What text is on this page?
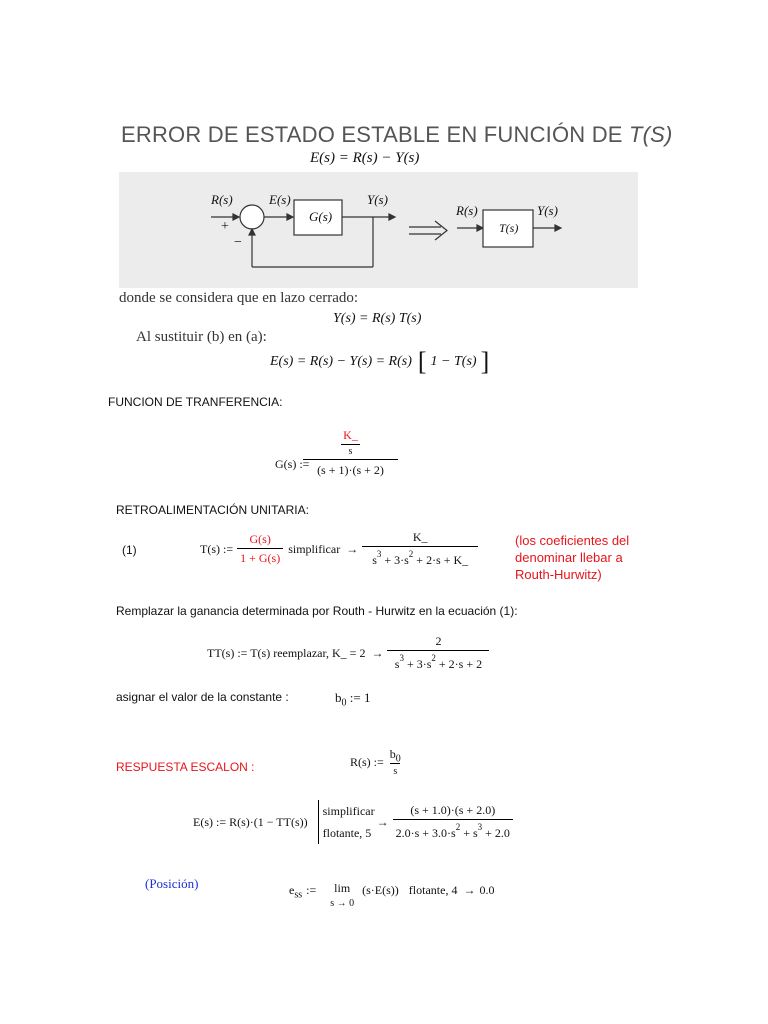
ERROR DE ESTADO ESTABLE EN FUNCIÓN DE T(S)
E(s) = R(s) − Y(s)
R(s)	E(s)
G(s)
Y(s)
+
−
R(s)
T(s)
Y(s)
donde se considera que en lazo cerrado:
Y(s) = R(s) T(s)
Al sustituir (b) en (a):
E(s) = R(s) − Y(s) = R(s) [ 1 − T(s) ]
FUNCION DE TRANFERENCIA:
G(s) :=
K_
s
(s + 1)·(s + 2)
RETROALIMENTACIÓN UNITARIA:
(1)	T(s) := $\frac{G(s)}{1 + G(s)}$ simplificar → $\frac{K\_}{s^3 + 3\cdot s^2 + 2\cdot s + K\_}$	(los coeficientes del
denominar llebar a
Routh-Hurwitz)
Remplazar la ganancia determinada por Routh - Hurwitz en la ecuación (1):
TT(s) := T(s) reemplazar, K_ = $2 \to \frac{2}{s^3 + 3\cdot s^2 + 2\cdot s + 2}$
asignar el valor de la constante :	$b_0$ := 1
RESPUESTA ESCALON :	R(s) := $\frac{b_0}{s}$
E(s) := R(s)·(1 − TT(s))
simplificar
flotante, 5
→ $\frac{(s + 1.0)\cdot(s + 2.0)}{2.0\cdot s + 3.0\cdot s^2 + s^3 + 2.0}$
(Posición)	$e_{ss}$ := lim
s → 0
(s·E(s)) flotante, 4 → 0.0
